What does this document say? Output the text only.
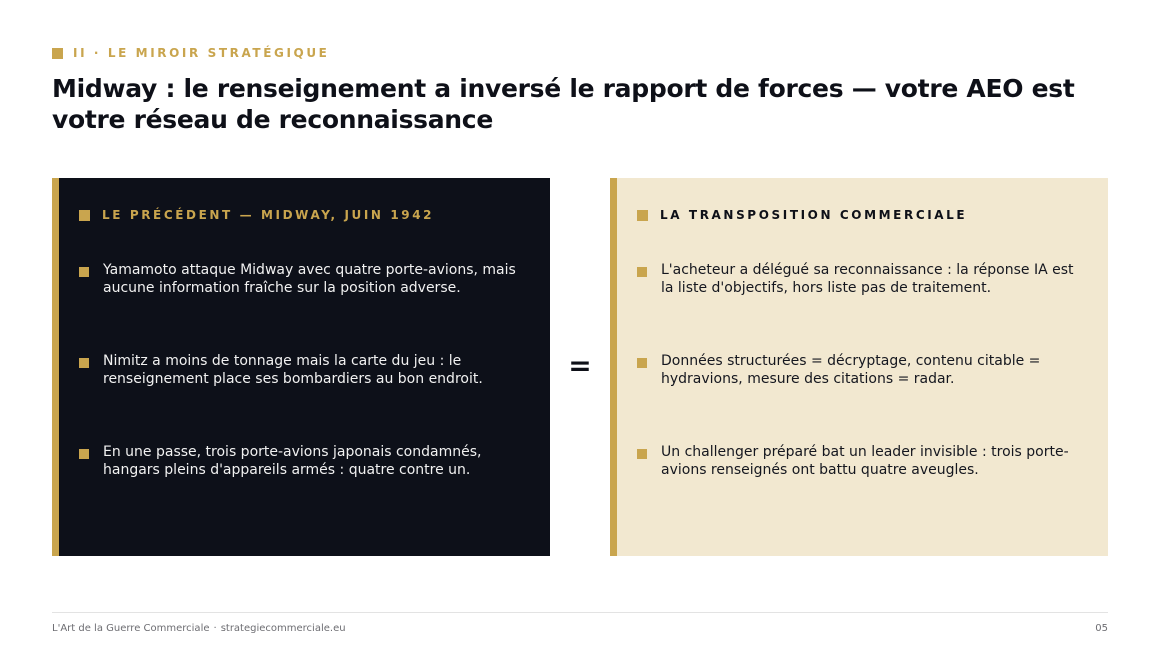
II · LE MIROIR STRATÉGIQUE
Midway : le renseignement a inversé le rapport de forces — votre AEO est votre réseau de reconnaissance
LE PRÉCÉDENT — MIDWAY, JUIN 1942
Yamamoto attaque Midway avec quatre porte-avions, mais aucune information fraîche sur la position adverse.
Nimitz a moins de tonnage mais la carte du jeu : le renseignement place ses bombardiers au bon endroit.
En une passe, trois porte-avions japonais condamnés, hangars pleins d'appareils armés : quatre contre un.
=
LA TRANSPOSITION COMMERCIALE
L'acheteur a délégué sa reconnaissance : la réponse IA est la liste d'objectifs, hors liste pas de traitement.
Données structurées = décryptage, contenu citable = hydravions, mesure des citations = radar.
Un challenger préparé bat un leader invisible : trois porte-avions renseignés ont battu quatre aveugles.
L'Art de la Guerre Commerciale · strategiecommerciale.eu	05
